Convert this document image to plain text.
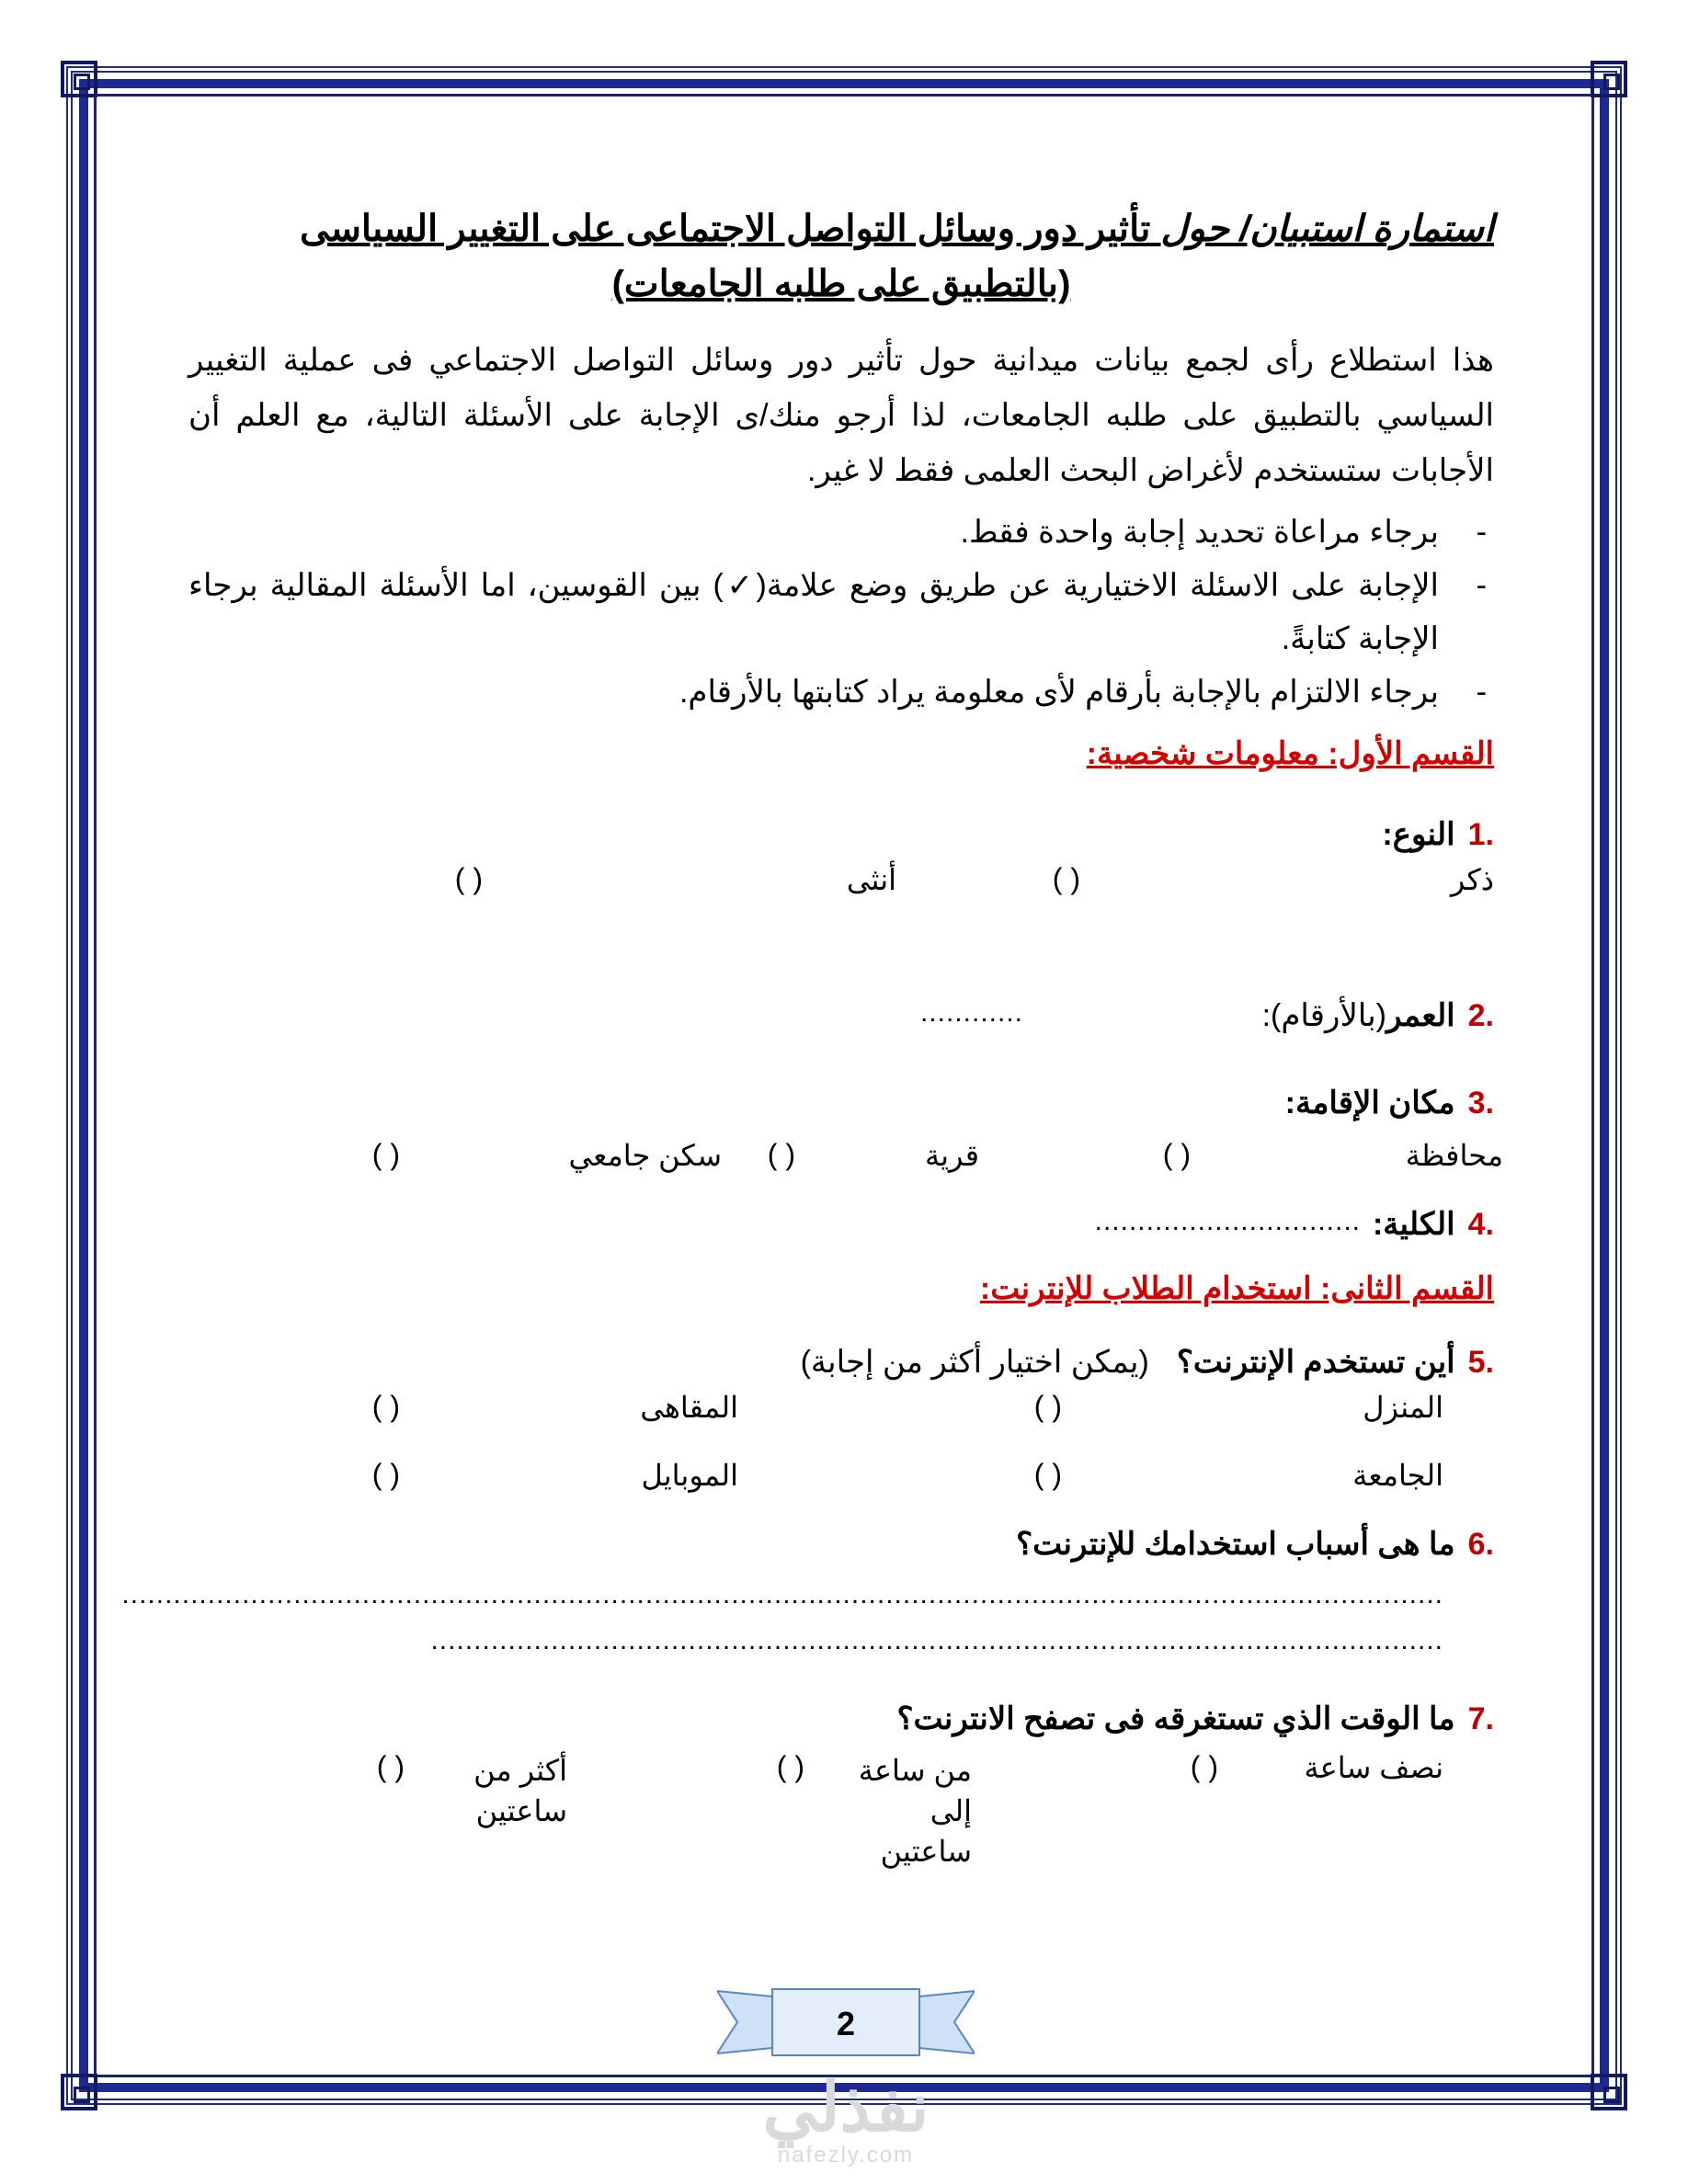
استمارة استبيان/ حول تأثير دور وسائل التواصل الاجتماعى على التغيير السياسى
(بالتطبيق على طلبه الجامعات)
هذا استطلاع رأى لجمع بيانات ميدانية حول تأثير دور وسائل التواصل الاجتماعي فى عملية التغيير السياسي بالتطبيق على طلبه الجامعات، لذا أرجو منك/ى الإجابة على الأسئلة التالية، مع العلم أن الأجابات ستستخدم لأغراض البحث العلمى فقط لا غير.
- برجاء مراعاة تحديد إجابة واحدة فقط.
- الإجابة على الاسئلة الاختيارية عن طريق وضع علامة(✓) بين القوسين، اما الأسئلة المقالية برجاء الإجابة كتابةً.
- برجاء الالتزام بالإجابة بأرقام لأى معلومة يراد كتابتها بالأرقام.
القسم الأول: معلومات شخصية:
.1النوع:
ذكر
( )
أنثى
( )
.2العمر(بالأرقام):
............
.3مكان الإقامة:
محافظة
( )
قرية
( )
سكن جامعي
( )
.4الكلية:
...............................
القسم الثانى: استخدام الطلاب للإنترنت:
.5أين تستخدم الإنترنت؟(يمكن اختيار أكثر من إجابة)
المنزل
( )
المقاهى
( )
الجامعة
( )
الموبايل
( )
.6ما هى أسباب استخدامك للإنترنت؟
..........................................................................................................................................................
......................................................................................................................
.7ما الوقت الذي تستغرقه فى تصفح الانترنت؟
نصف ساعة
( )
من ساعة إلى ساعتين
( )
أكثر من ساعتين
( )
2
نفذلي
nafezly.com
